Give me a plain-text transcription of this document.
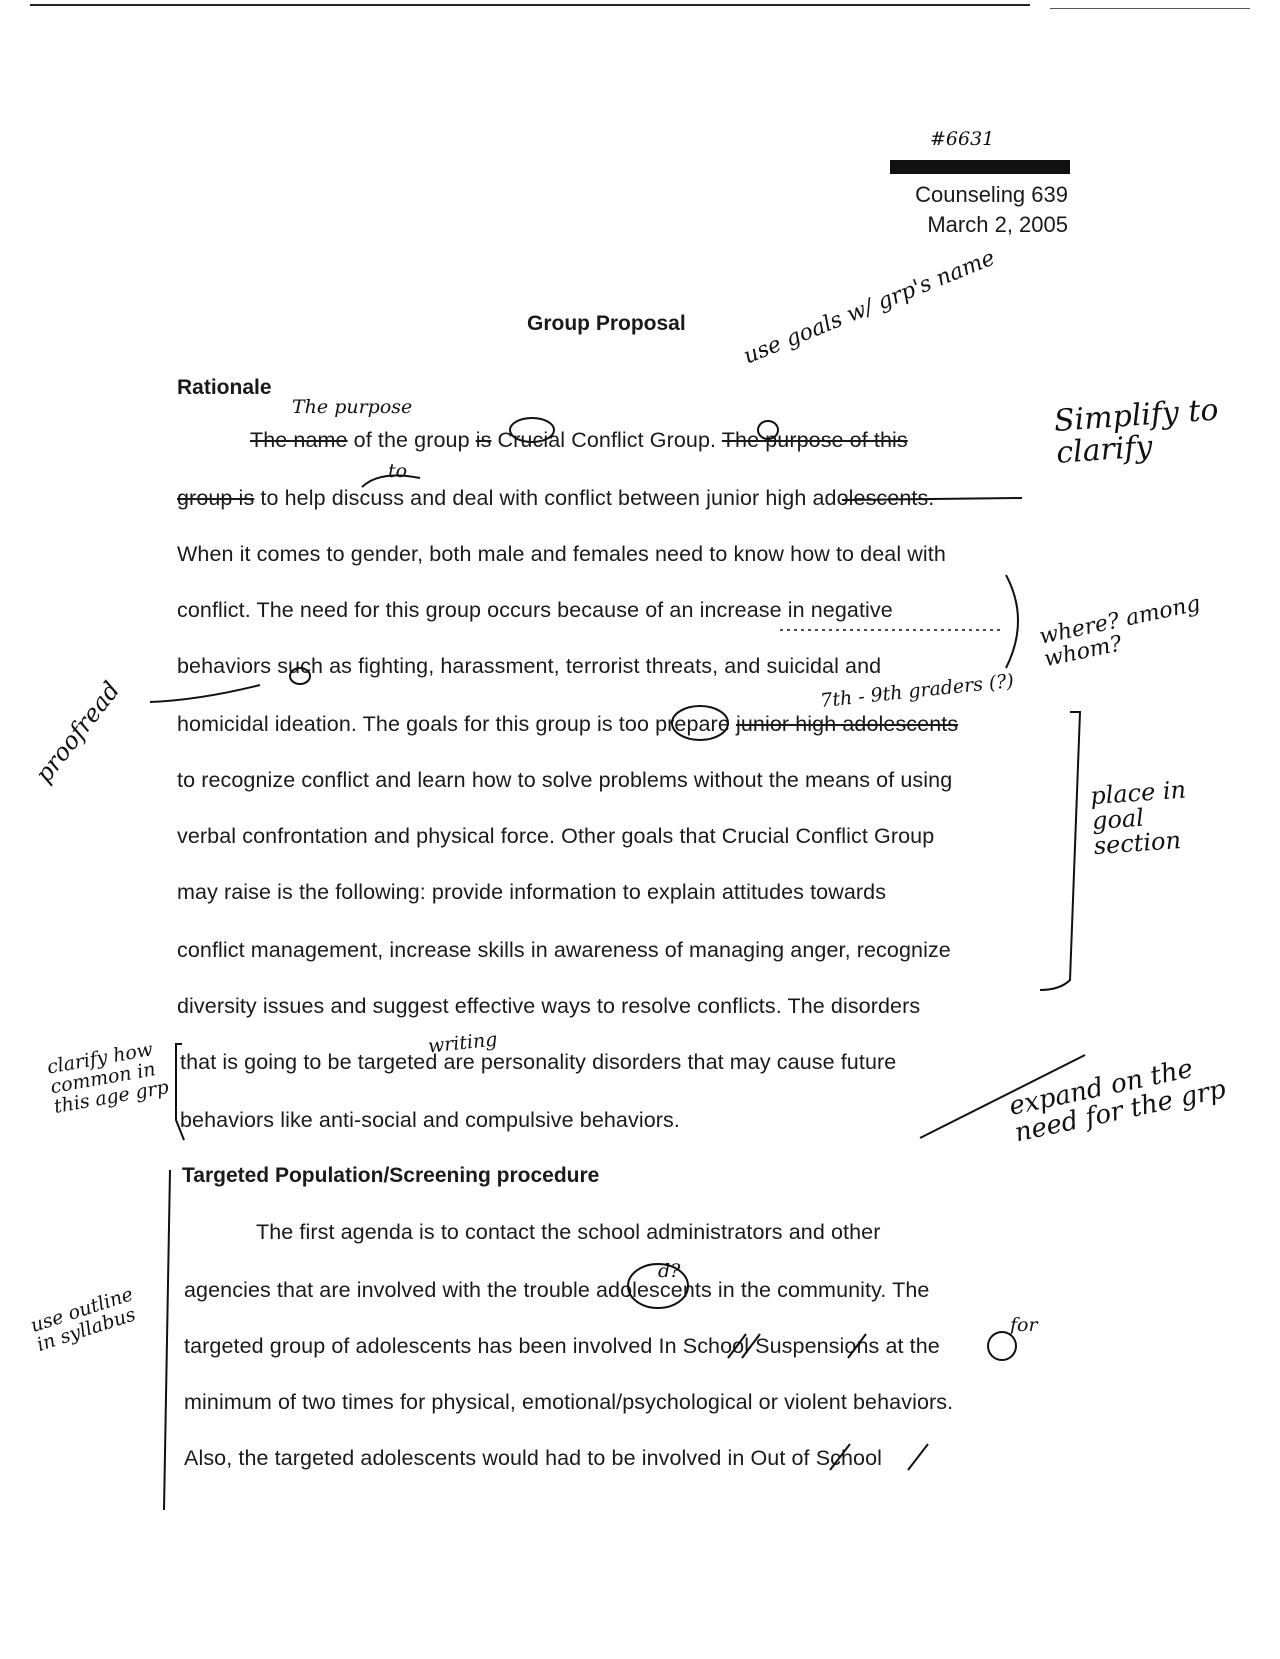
#6631
Counseling 639
March 2, 2005
Group Proposal
Rationale
The name of the group is Crucial Conflict Group. The purpose of this
group is to help discuss and deal with conflict between junior high adolescents.
When it comes to gender, both male and females need to know how to deal with
conflict. The need for this group occurs because of an increase in negative
behaviors such as fighting, harassment, terrorist threats, and suicidal and
homicidal ideation. The goals for this group is too prepare junior high adolescents
to recognize conflict and learn how to solve problems without the means of using
verbal confrontation and physical force. Other goals that Crucial Conflict Group
may raise is the following: provide information to explain attitudes towards
conflict management, increase skills in awareness of managing anger, recognize
diversity issues and suggest effective ways to resolve conflicts. The disorders
that is going to be targeted are personality disorders that may cause future
behaviors like anti-social and compulsive behaviors.
Targeted Population/Screening procedure
The first agenda is to contact the school administrators and other
agencies that are involved with the trouble adolescents in the community. The
targeted group of adolescents has been involved In School Suspensions at the
minimum of two times for physical, emotional/psychological or violent behaviors.
Also, the targeted adolescents would had to be involved in Out of School
use goals w/ grp's name
The purpose	Simplify to clarify
to
where? among whom?
7th - 9th graders (?)
proofread
place in goal section
writing
clarify how common in this age grp	expand on the need for the grp
use outline in syllabus
d?
for
